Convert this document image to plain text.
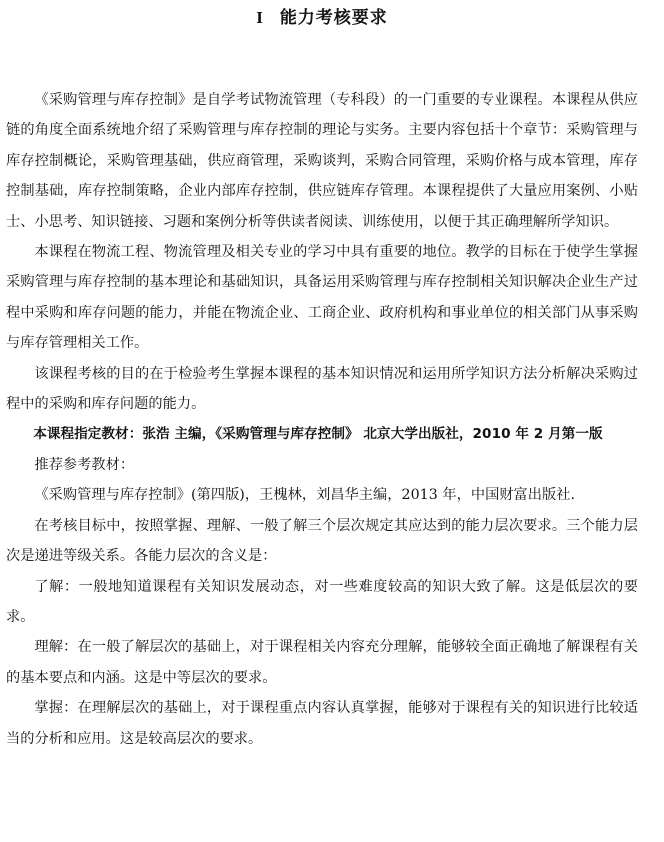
I 能力考核要求

《采购管理与库存控制》是自学考试物流管理（专科段）的一门重要的专业课程。本课程从供应链的角度全面系统地介绍了采购管理与库存控制的理论与实务。主要内容包括十个章节：采购管理与库存控制概论，采购管理基础，供应商管理，采购谈判，采购合同管理，采购价格与成本管理，库存控制基础，库存控制策略，企业内部库存控制，供应链库存管理。本课程提供了大量应用案例、小贴士、小思考、知识链接、习题和案例分析等供读者阅读、训练使用，以便于其正确理解所学知识。

本课程在物流工程、物流管理及相关专业的学习中具有重要的地位。教学的目标在于使学生掌握采购管理与库存控制的基本理论和基础知识，具备运用采购管理与库存控制相关知识解决企业生产过程中采购和库存问题的能力，并能在物流企业、工商企业、政府机构和事业单位的相关部门从事采购与库存管理相关工作。

该课程考核的目的在于检验考生掌握本课程的基本知识情况和运用所学知识方法分析解决采购过程中的采购和库存问题的能力。

本课程指定教材：张浩 主编，《采购管理与库存控制》 北京大学出版社，2010 年 2 月第一版

推荐参考教材：

《采购管理与库存控制》(第四版)，王槐林，刘昌华主编，2013 年，中国财富出版社.

在考核目标中，按照掌握、理解、一般了解三个层次规定其应达到的能力层次要求。三个能力层次是递进等级关系。各能力层次的含义是：

了解：一般地知道课程有关知识发展动态，对一些难度较高的知识大致了解。这是低层次的要求。

理解：在一般了解层次的基础上，对于课程相关内容充分理解，能够较全面正确地了解课程有关的基本要点和内涵。这是中等层次的要求。

掌握：在理解层次的基础上，对于课程重点内容认真掌握，能够对于课程有关的知识进行比较适当的分析和应用。这是较高层次的要求。
